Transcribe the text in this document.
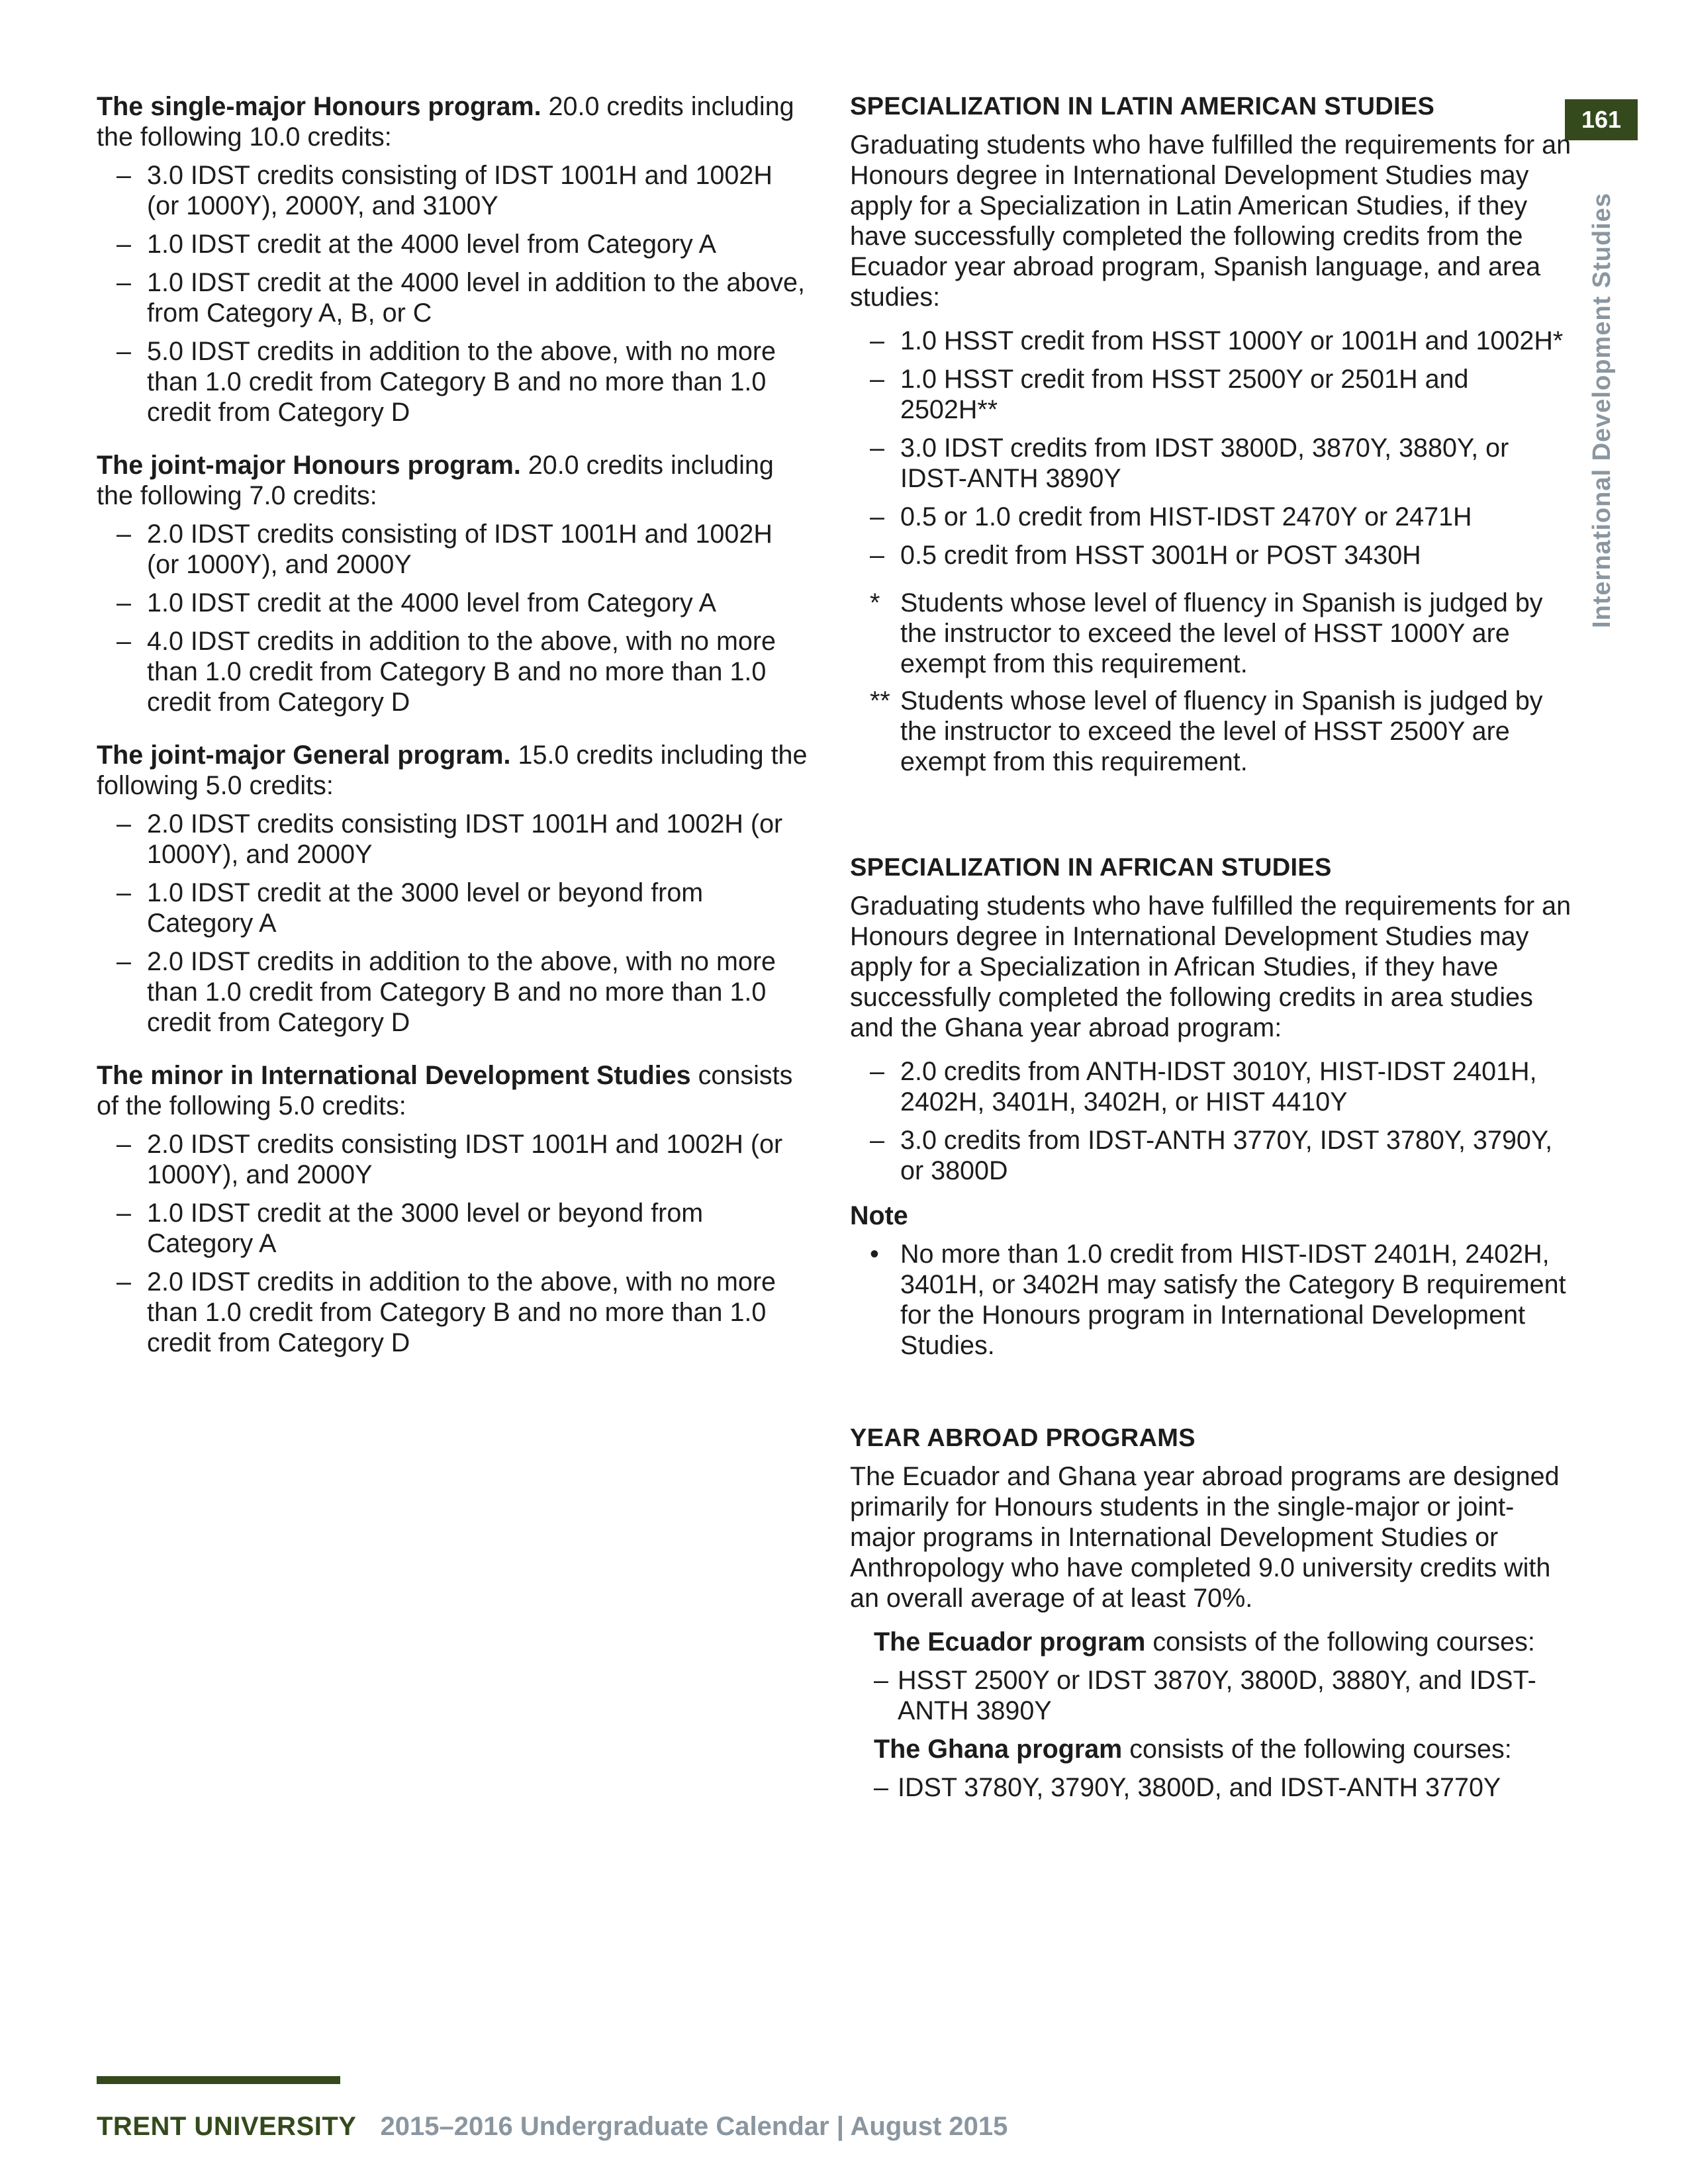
161
International Development Studies
The single-major Honours program. 20.0 credits including the following 10.0 credits:
– 3.0 IDST credits consisting of IDST 1001H and 1002H (or 1000Y), 2000Y, and 3100Y
– 1.0 IDST credit at the 4000 level from Category A
– 1.0 IDST credit at the 4000 level in addition to the above, from Category A, B, or C
– 5.0 IDST credits in addition to the above, with no more than 1.0 credit from Category B and no more than 1.0 credit from Category D
The joint-major Honours program. 20.0 credits including the following 7.0 credits:
– 2.0 IDST credits consisting of IDST 1001H and 1002H (or 1000Y), and 2000Y
– 1.0 IDST credit at the 4000 level from Category A
– 4.0 IDST credits in addition to the above, with no more than 1.0 credit from Category B and no more than 1.0 credit from Category D
The joint-major General program. 15.0 credits including the following 5.0 credits:
– 2.0 IDST credits consisting IDST 1001H and 1002H (or 1000Y), and 2000Y
– 1.0 IDST credit at the 3000 level or beyond from Category A
– 2.0 IDST credits in addition to the above, with no more than 1.0 credit from Category B and no more than 1.0 credit from Category D
The minor in International Development Studies consists of the following 5.0 credits:
– 2.0 IDST credits consisting IDST 1001H and 1002H (or 1000Y), and 2000Y
– 1.0 IDST credit at the 3000 level or beyond from Category A
– 2.0 IDST credits in addition to the above, with no more than 1.0 credit from Category B and no more than 1.0 credit from Category D
SPECIALIZATION IN LATIN AMERICAN STUDIES
Graduating students who have fulfilled the requirements for an Honours degree in International Development Studies may apply for a Specialization in Latin American Studies, if they have successfully completed the following credits from the Ecuador year abroad program, Spanish language, and area studies:
– 1.0 HSST credit from HSST 1000Y or 1001H and 1002H*
– 1.0 HSST credit from HSST 2500Y or 2501H and 2502H**
– 3.0 IDST credits from IDST 3800D, 3870Y, 3880Y, or IDST-ANTH 3890Y
– 0.5 or 1.0 credit from HIST-IDST 2470Y or 2471H
– 0.5 credit from HSST 3001H or POST 3430H
* Students whose level of fluency in Spanish is judged by the instructor to exceed the level of HSST 1000Y are exempt from this requirement.
** Students whose level of fluency in Spanish is judged by the instructor to exceed the level of HSST 2500Y are exempt from this requirement.
SPECIALIZATION IN AFRICAN STUDIES
Graduating students who have fulfilled the requirements for an Honours degree in International Development Studies may apply for a Specialization in African Studies, if they have successfully completed the following credits in area studies and the Ghana year abroad program:
– 2.0 credits from ANTH-IDST 3010Y, HIST-IDST 2401H, 2402H, 3401H, 3402H, or HIST 4410Y
– 3.0 credits from IDST-ANTH 3770Y, IDST 3780Y, 3790Y, or 3800D
Note
• No more than 1.0 credit from HIST-IDST 2401H, 2402H, 3401H, or 3402H may satisfy the Category B requirement for the Honours program in International Development Studies.
YEAR ABROAD PROGRAMS
The Ecuador and Ghana year abroad programs are designed primarily for Honours students in the single-major or joint-major programs in International Development Studies or Anthropology who have completed 9.0 university credits with an overall average of at least 70%.
The Ecuador program consists of the following courses:
– HSST 2500Y or IDST 3870Y, 3800D, 3880Y, and IDST-ANTH 3890Y
The Ghana program consists of the following courses:
– IDST 3780Y, 3790Y, 3800D, and IDST-ANTH 3770Y
TRENT UNIVERSITY 2015–2016 Undergraduate Calendar | August 2015
